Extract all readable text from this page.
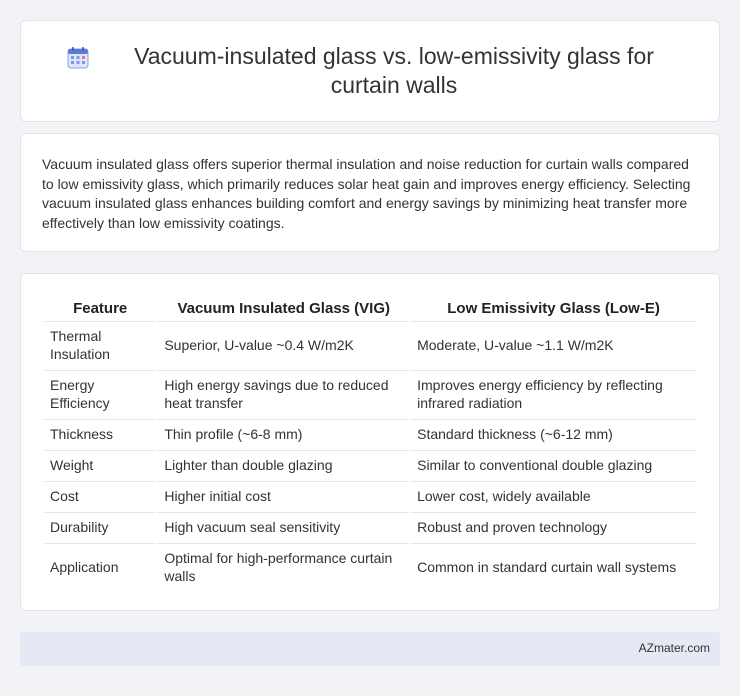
Vacuum-insulated glass vs. low-emissivity glass for curtain walls

Vacuum insulated glass offers superior thermal insulation and noise reduction for curtain walls compared to low emissivity glass, which primarily reduces solar heat gain and improves energy efficiency. Selecting vacuum insulated glass enhances building comfort and energy savings by minimizing heat transfer more effectively than low emissivity coatings.

Feature	Vacuum Insulated Glass (VIG)	Low Emissivity Glass (Low-E)
Thermal Insulation	Superior, U-value ~0.4 W/m2K	Moderate, U-value ~1.1 W/m2K
Energy Efficiency	High energy savings due to reduced heat transfer	Improves energy efficiency by reflecting infrared radiation
Thickness	Thin profile (~6-8 mm)	Standard thickness (~6-12 mm)
Weight	Lighter than double glazing	Similar to conventional double glazing
Cost	Higher initial cost	Lower cost, widely available
Durability	High vacuum seal sensitivity	Robust and proven technology
Application	Optimal for high-performance curtain walls	Common in standard curtain wall systems
AZmater.com
